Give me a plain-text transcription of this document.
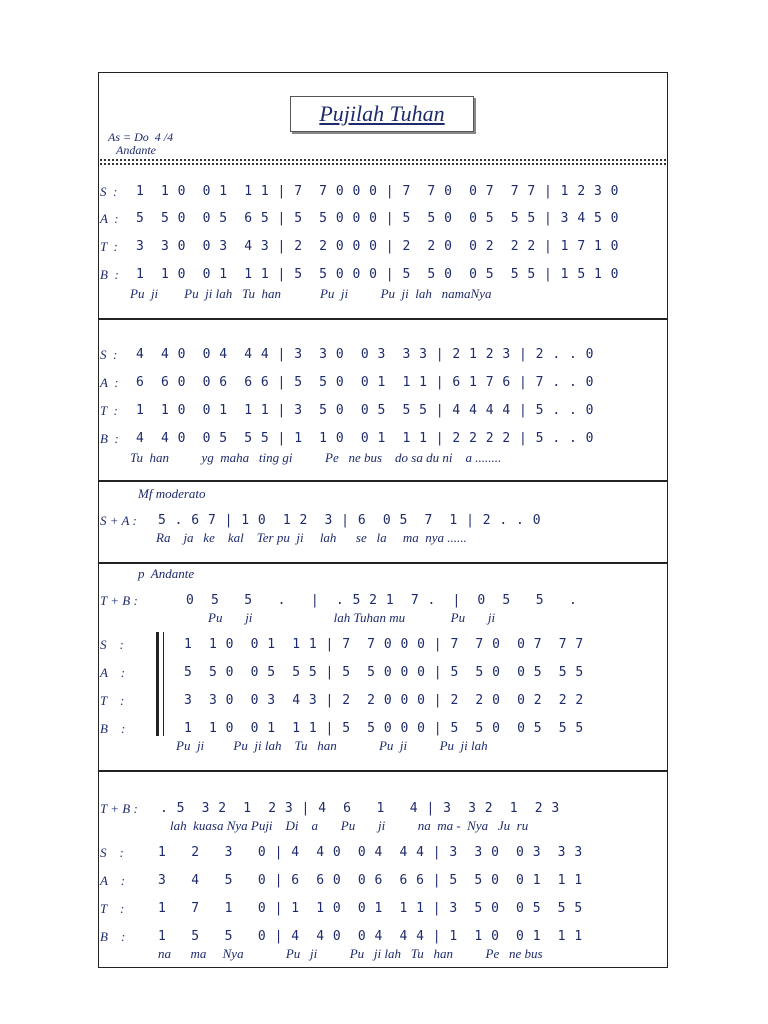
Pujilah Tuhan
As = Do  4 /4
Andante
S  : 1  1 0  0 1  1 1 | 7  7 0 0 0 | 7  7 0  0 7  7 7 | 1 2 3 0
A  : 5  5 0  0 5  6 5 | 5  5 0 0 0 | 5  5 0  0 5  5 5 | 3 4 5 0
T  : 3  3 0  0 3  4 3 | 2  2 0 0 0 | 2  2 0  0 2  2 2 | 1 7 1 0
B  : 1  1 0  0 1  1 1 | 5  5 0 0 0 | 5  5 0  0 5  5 5 | 1 5 1 0
Pu  ji        Pu  ji lah   Tu  han            Pu  ji          Pu  ji  lah   namaNya
S  : 4  4 0  0 4  4 4 | 3  3 0  0 3  3 3 | 2 1 2 3 | 2 . . 0
A  : 6  6 0  0 6  6 6 | 5  5 0  0 1  1 1 | 6 1 7 6 | 7 . . 0
T  : 1  1 0  0 1  1 1 | 3  5 0  0 5  5 5 | 4 4 4 4 | 5 . . 0
B  : 4  4 0  0 5  5 5 | 1  1 0  0 1  1 1 | 2 2 2 2 | 5 . . 0
Tu  han          yg  maha   ting gi          Pe   ne bus    do sa du ni    a ........
Mf moderato
S + A : 5 . 6 7 | 1 0  1 2  3 | 6  0 5  7  1 | 2 . . 0
Ra    ja   ke    kal    Ter pu  ji     lah      se   la     ma  nya ......
p  Andante
T + B :	0  5   5   .   |  . 5 2 1  7 .  |  0  5   5   .
Pu       ji                         lah Tuhan mu              Pu       ji
S    :	1  1 0  0 1  1 1 | 7  7 0 0 0 | 7  7 0  0 7  7 7
A    :	5  5 0  0 5  5 5 | 5  5 0 0 0 | 5  5 0  0 5  5 5
T    :	3  3 0  0 3  4 3 | 2  2 0 0 0 | 2  2 0  0 2  2 2
B    :	1  1 0  0 1  1 1 | 5  5 0 0 0 | 5  5 0  0 5  5 5
Pu  ji         Pu  ji lah    Tu   han             Pu  ji          Pu  ji lah
T + B : . 5  3 2  1  2 3 | 4  6   1   4 | 3  3 2  1  2 3
lah  kuasa Nya Puji    Di    a       Pu       ji          na  ma -  Nya   Ju  ru
S    :	1   2   3   0 | 4  4 0  0 4  4 4 | 3  3 0  0 3  3 3
A    :	3   4   5   0 | 6  6 0  0 6  6 6 | 5  5 0  0 1  1 1
T    :	1   7   1   0 | 1  1 0  0 1  1 1 | 3  5 0  0 5  5 5
B    :	1   5   5   0 | 4  4 0  0 4  4 4 | 1  1 0  0 1  1 1
na      ma     Nya             Pu   ji          Pu   ji lah   Tu   han          Pe   ne bus
